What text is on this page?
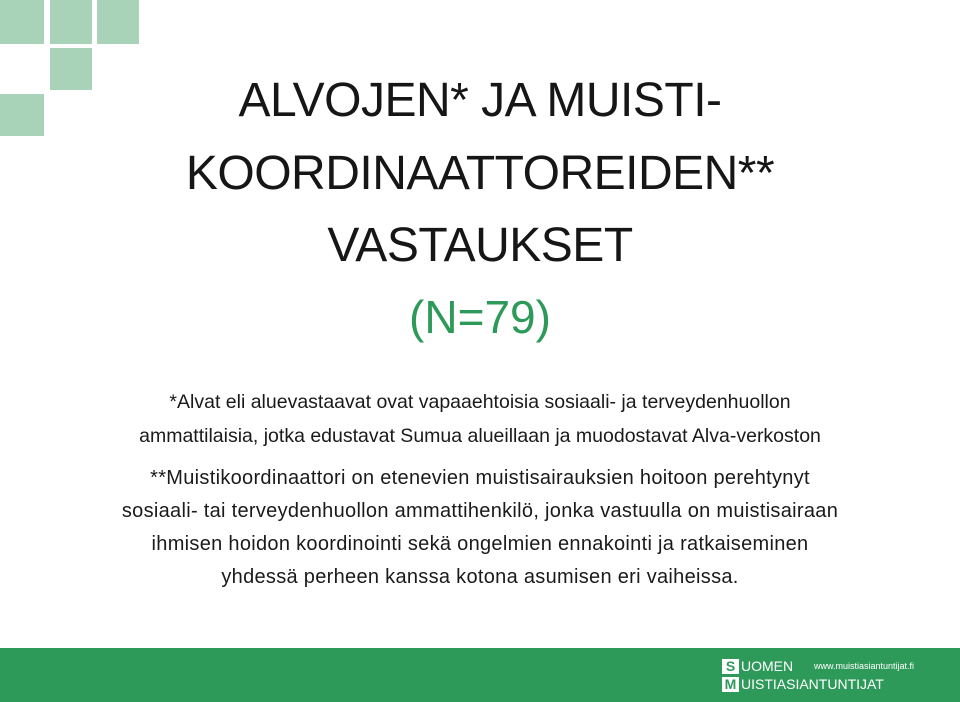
ALVOJEN* JA MUISTI-
KOORDINAATTOREIDEN**
VASTAUKSET
(N=79)
*Alvat eli aluevastaavat ovat vapaaehtoisia sosiaali- ja terveydenhuollon
ammattilaisia, jotka edustavat Sumua alueillaan ja muodostavat Alva-verkoston
**Muistikoordinaattori on etenevien muistisairauksien hoitoon perehtynyt
sosiaali- tai terveydenhuollon ammattihenkilö, jonka vastuulla on muistisairaan
ihmisen hoidon koordinointi sekä ongelmien ennakointi ja ratkaiseminen
yhdessä perheen kanssa kotona asumisen eri vaiheissa.
S UOMEN www.muistiasiantuntijat.fi
M UISTIASIANTUNTIJAT
